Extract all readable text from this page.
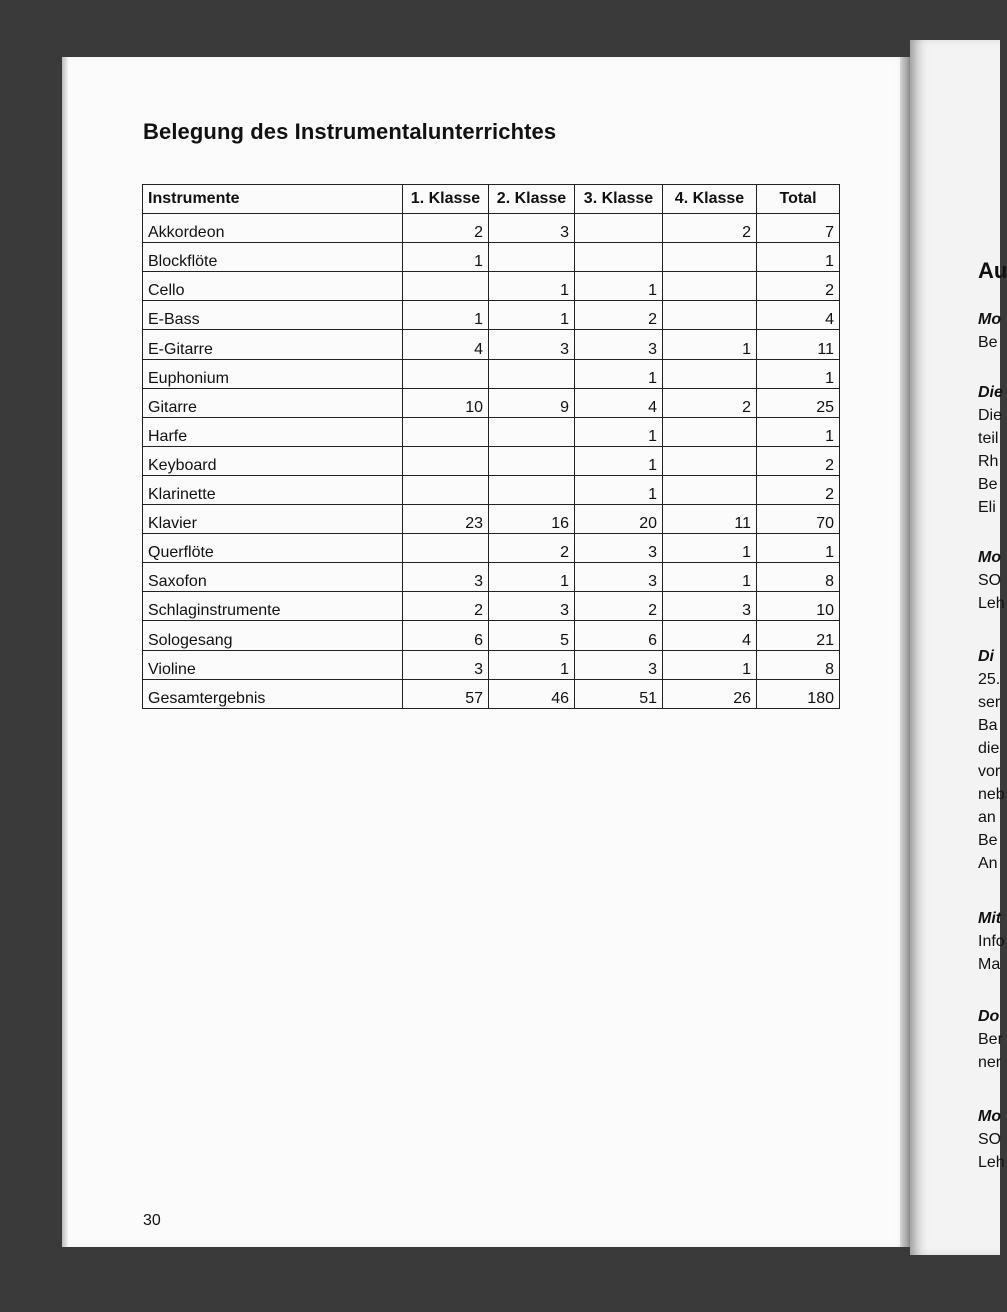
Belegung des Instrumentalunterrichtes
Instrumente	1. Klasse	2. Klasse	3. Klasse	4. Klasse	Total
Akkordeon	2	3		2	7
Blockflöte	1				1
Cello		1	1		2
E-Bass	1	1	2		4
E-Gitarre	4	3	3	1	11
Euphonium			1		1
Gitarre	10	9	4	2	25
Harfe			1		1
Keyboard			1		2
Klarinette			1		2
Klavier	23	16	20	11	70
Querflöte		2	3	1	1
Saxofon	3	1	3	1	8
Schlaginstrumente	2	3	2	3	10
Sologesang	6	5	6	4	21
Violine	3	1	3	1	8
Gesamtergebnis	57	46	51	26	180
30
Au
Mo
Be
Die
Die
teil
Rh
Be
Eli
Mo
SO
Leh
Di
25.
ser
Ba
die
vor
neb
an
Be
An
Mit
Info
Ma
Do
Ber
ner
Mo
SO
Leh
